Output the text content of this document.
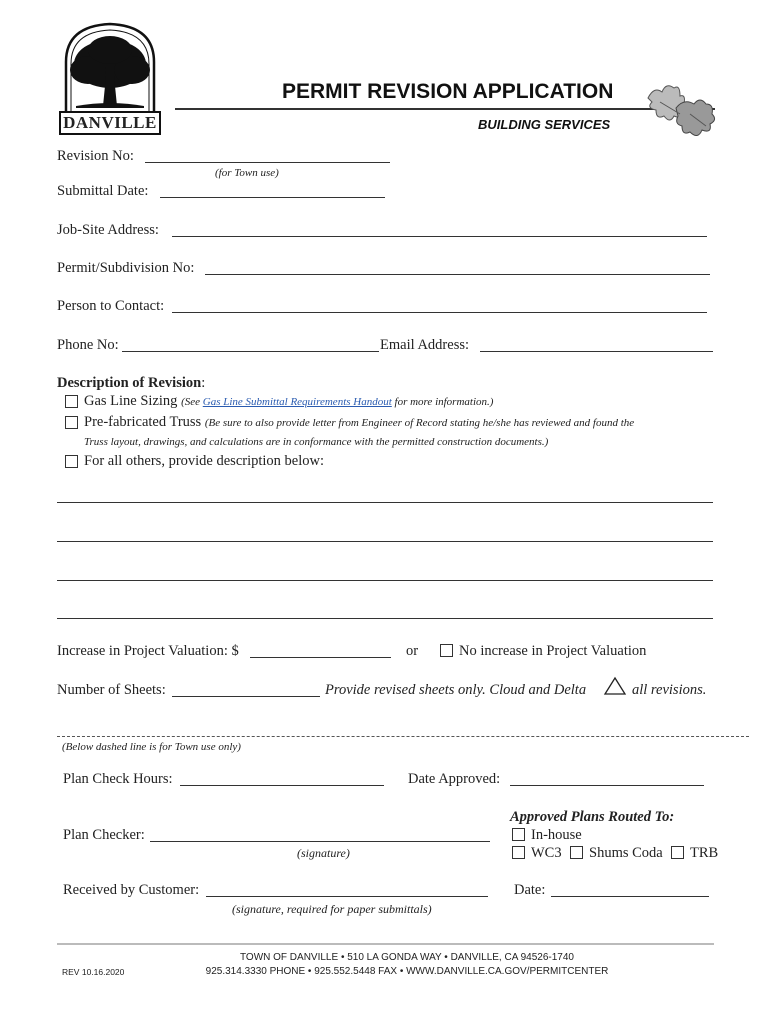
DANVILLE
PERMIT REVISION APPLICATION
BUILDING SERVICES
Revision No:
(for Town use)
Submittal Date:
Job-Site Address:
Permit/Subdivision No:
Person to Contact:
Phone No:	Email Address:
Description of Revision:
Gas Line Sizing (See Gas Line Submittal Requirements Handout for more information.)
Pre-fabricated Truss (Be sure to also provide letter from Engineer of Record stating he/she has reviewed and found the
Truss layout, drawings, and calculations are in conformance with the permitted construction documents.)
For all others, provide description below:
Increase in Project Valuation: $	or	No increase in Project Valuation
Number of Sheets:	Provide revised sheets only. Cloud and Delta	all revisions.
(Below dashed line is for Town use only)
Plan Check Hours:	Date Approved:
Approved Plans Routed To:
In-house
WC3 Shums Coda TRB
Plan Checker:
(signature)
Received by Customer:	Date:
(signature, required for paper submittals)
TOWN OF DANVILLE • 510 LA GONDA WAY • DANVILLE, CA 94526-1740
925.314.3330 PHONE • 925.552.5448 FAX • WWW.DANVILLE.CA.GOV/PERMITCENTER
REV 10.16.2020
